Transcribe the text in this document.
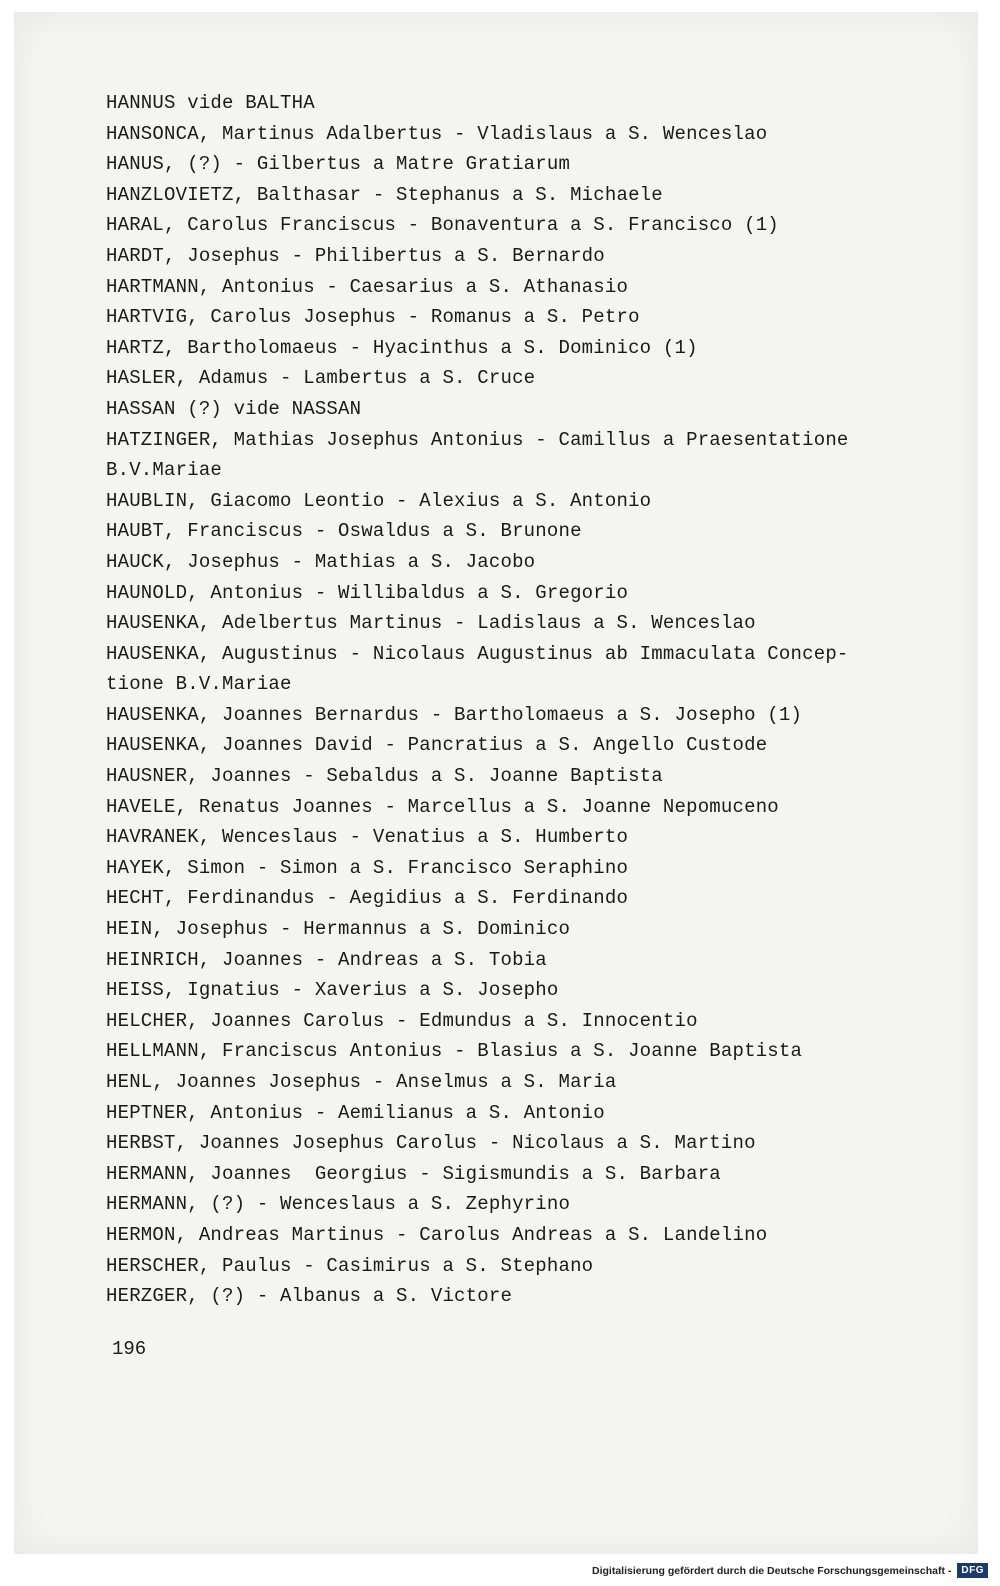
HANNUS vide BALTHA
HANSONCA, Martinus Adalbertus - Vladislaus a S. Wenceslao
HANUS, (?) - Gilbertus a Matre Gratiarum
HANZLOVIETZ, Balthasar - Stephanus a S. Michaele
HARAL, Carolus Franciscus - Bonaventura a S. Francisco (1)
HARDT, Josephus - Philibertus a S. Bernardo
HARTMANN, Antonius - Caesarius a S. Athanasio
HARTVIG, Carolus Josephus - Romanus a S. Petro
HARTZ, Bartholomaeus - Hyacinthus a S. Dominico (1)
HASLER, Adamus - Lambertus a S. Cruce
HASSAN (?) vide NASSAN
HATZINGER, Mathias Josephus Antonius - Camillus a Praesentatione
B.V.Mariae
HAUBLIN, Giacomo Leontio - Alexius a S. Antonio
HAUBT, Franciscus - Oswaldus a S. Brunone
HAUCK, Josephus - Mathias a S. Jacobo
HAUNOLD, Antonius - Willibaldus a S. Gregorio
HAUSENKA, Adelbertus Martinus - Ladislaus a S. Wenceslao
HAUSENKA, Augustinus - Nicolaus Augustinus ab Immaculata Concep-
tione B.V.Mariae
HAUSENKA, Joannes Bernardus - Bartholomaeus a S. Josepho (1)
HAUSENKA, Joannes David - Pancratius a S. Angello Custode
HAUSNER, Joannes - Sebaldus a S. Joanne Baptista
HAVELE, Renatus Joannes - Marcellus a S. Joanne Nepomuceno
HAVRANEK, Wenceslaus - Venatius a S. Humberto
HAYEK, Simon - Simon a S. Francisco Seraphino
HECHT, Ferdinandus - Aegidius a S. Ferdinando
HEIN, Josephus - Hermannus a S. Dominico
HEINRICH, Joannes - Andreas a S. Tobia
HEISS, Ignatius - Xaverius a S. Josepho
HELCHER, Joannes Carolus - Edmundus a S. Innocentio
HELLMANN, Franciscus Antonius - Blasius a S. Joanne Baptista
HENL, Joannes Josephus - Anselmus a S. Maria
HEPTNER, Antonius - Aemilianus a S. Antonio
HERBST, Joannes Josephus Carolus - Nicolaus a S. Martino
HERMANN, Joannes  Georgius - Sigismundis a S. Barbara
HERMANN, (?) - Wenceslaus a S. Zephyrino
HERMON, Andreas Martinus - Carolus Andreas a S. Landelino
HERSCHER, Paulus - Casimirus a S. Stephano
HERZGER, (?) - Albanus a S. Victore
196
Digitalisierung gefördert durch die Deutsche Forschungsgemeinschaft -	DFG
